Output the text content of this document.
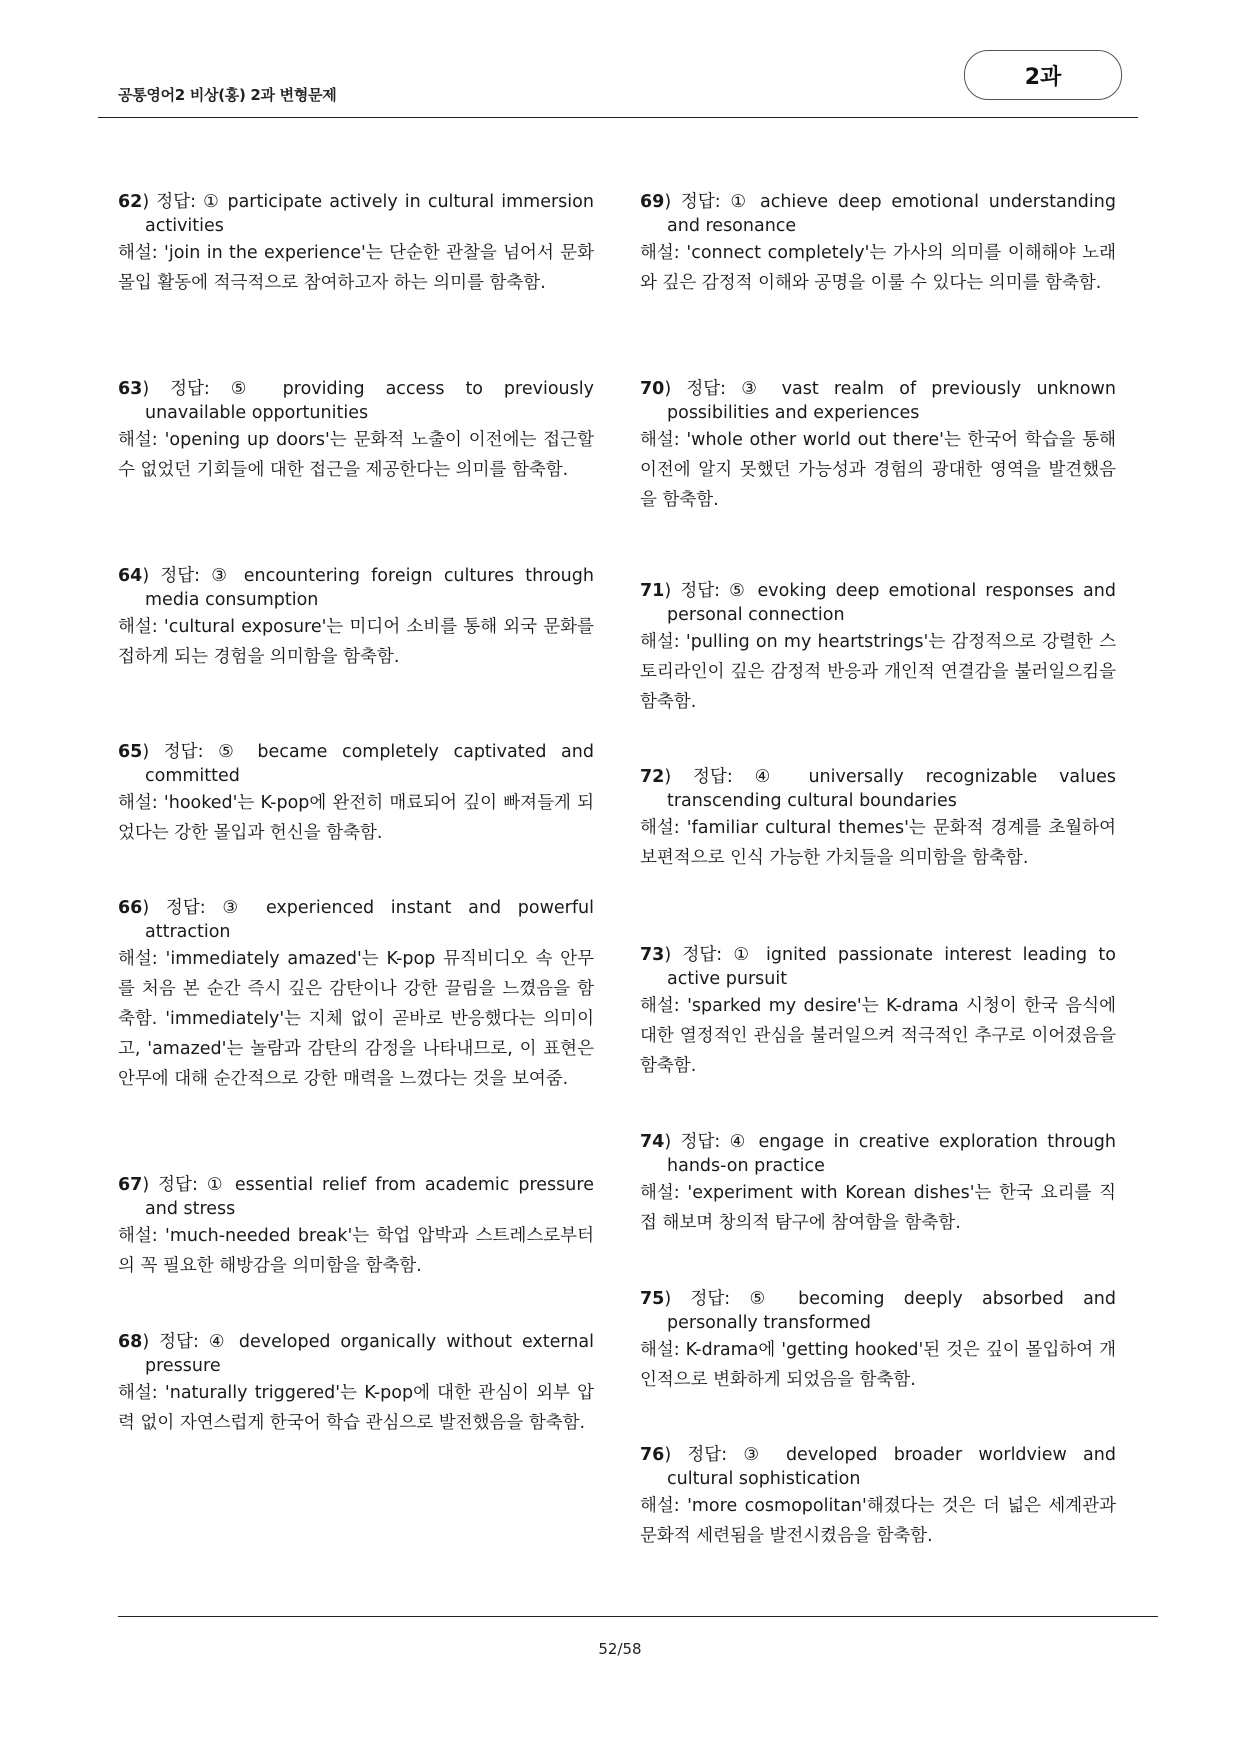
공통영어2 비상(홍) 2과 변형문제
2과
62) 정답: ① participate actively in cultural immersion
activities
해설: 'join in the experience'는 단순한 관찰을 넘어서 문화 몰입 활동에 적극적으로 참여하고자 하는 의미를 함축함.
63) 정답: ⑤ providing access to previously
unavailable opportunities
해설: 'opening up doors'는 문화적 노출이 이전에는 접근할 수 없었던 기회들에 대한 접근을 제공한다는 의미를 함축함.
64) 정답: ③ encountering foreign cultures through
media consumption
해설: 'cultural exposure'는 미디어 소비를 통해 외국 문화를 접하게 되는 경험을 의미함을 함축함.
65) 정답: ⑤ became completely captivated and
committed
해설: 'hooked'는 K-pop에 완전히 매료되어 깊이 빠져들게 되었다는 강한 몰입과 헌신을 함축함.
66) 정답: ③ experienced instant and powerful
attraction
해설: 'immediately amazed'는 K-pop 뮤직비디오 속 안무를 처음 본 순간 즉시 깊은 감탄이나 강한 끌림을 느꼈음을 함축함. 'immediately'는 지체 없이 곧바로 반응했다는 의미이고, 'amazed'는 놀람과 감탄의 감정을 나타내므로, 이 표현은 안무에 대해 순간적으로 강한 매력을 느꼈다는 것을 보여줌.
67) 정답: ① essential relief from academic pressure
and stress
해설: 'much-needed break'는 학업 압박과 스트레스로부터의 꼭 필요한 해방감을 의미함을 함축함.
68) 정답: ④ developed organically without external
pressure
해설: 'naturally triggered'는 K-pop에 대한 관심이 외부 압력 없이 자연스럽게 한국어 학습 관심으로 발전했음을 함축함.
69) 정답: ① achieve deep emotional understanding
and resonance
해설: 'connect completely'는 가사의 의미를 이해해야 노래와 깊은 감정적 이해와 공명을 이룰 수 있다는 의미를 함축함.
70) 정답: ③ vast realm of previously unknown
possibilities and experiences
해설: 'whole other world out there'는 한국어 학습을 통해 이전에 알지 못했던 가능성과 경험의 광대한 영역을 발견했음을 함축함.
71) 정답: ⑤ evoking deep emotional responses and
personal connection
해설: 'pulling on my heartstrings'는 감정적으로 강렬한 스토리라인이 깊은 감정적 반응과 개인적 연결감을 불러일으킴을 함축함.
72) 정답: ④ universally recognizable values
transcending cultural boundaries
해설: 'familiar cultural themes'는 문화적 경계를 초월하여 보편적으로 인식 가능한 가치들을 의미함을 함축함.
73) 정답: ① ignited passionate interest leading to
active pursuit
해설: 'sparked my desire'는 K-drama 시청이 한국 음식에 대한 열정적인 관심을 불러일으켜 적극적인 추구로 이어졌음을 함축함.
74) 정답: ④ engage in creative exploration through
hands-on practice
해설: 'experiment with Korean dishes'는 한국 요리를 직접 해보며 창의적 탐구에 참여함을 함축함.
75) 정답: ⑤ becoming deeply absorbed and
personally transformed
해설: K-drama에 'getting hooked'된 것은 깊이 몰입하여 개인적으로 변화하게 되었음을 함축함.
76) 정답: ③ developed broader worldview and
cultural sophistication
해설: 'more cosmopolitan'해졌다는 것은 더 넓은 세계관과 문화적 세련됨을 발전시켰음을 함축함.
52/58
